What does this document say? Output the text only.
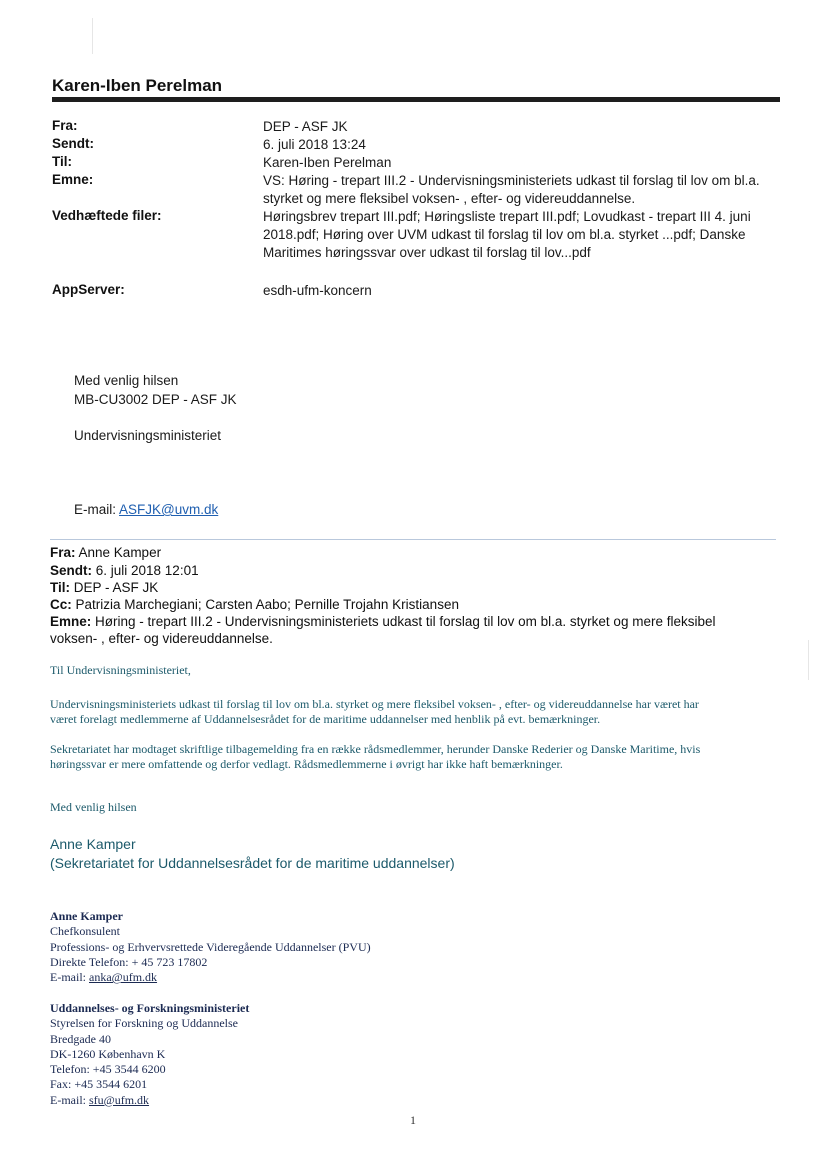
Karen-Iben Perelman
Fra:	DEP - ASF JK
Sendt:	6. juli 2018 13:24
Til:	Karen-Iben Perelman
Emne:	VS: Høring - trepart III.2 - Undervisningsministeriets udkast til forslag til lov om bl.a.
styrket og mere fleksibel voksen- , efter- og videreuddannelse.
Vedhæftede filer:	Høringsbrev trepart III.pdf; Høringsliste trepart III.pdf; Lovudkast - trepart III 4. juni
2018.pdf; Høring over UVM udkast til forslag til lov om bl.a. styrket ...pdf; Danske
Maritimes høringssvar over udkast til forslag til lov...pdf
AppServer:	esdh-ufm-koncern
Med venlig hilsen
MB-CU3002 DEP - ASF JK
Undervisningsministeriet
E-mail: ASFJK@uvm.dk
Fra: Anne Kamper
Sendt: 6. juli 2018 12:01
Til: DEP - ASF JK
Cc: Patrizia Marchegiani; Carsten Aabo; Pernille Trojahn Kristiansen
Emne: Høring - trepart III.2 - Undervisningsministeriets udkast til forslag til lov om bl.a. styrket og mere fleksibel
voksen- , efter- og videreuddannelse.
Til Undervisningsministeriet,
Undervisningsministeriets udkast til forslag til lov om bl.a. styrket og mere fleksibel voksen- , efter- og videreuddannelse har været har
været forelagt medlemmerne af Uddannelsesrådet for de maritime uddannelser med henblik på evt. bemærkninger.
Sekretariatet har modtaget skriftlige tilbagemelding fra en række rådsmedlemmer, herunder Danske Rederier og Danske Maritime, hvis
høringssvar er mere omfattende og derfor vedlagt. Rådsmedlemmerne i øvrigt har ikke haft bemærkninger.
Med venlig hilsen
Anne Kamper
(Sekretariatet for Uddannelsesrådet for de maritime uddannelser)
Anne Kamper
Chefkonsulent
Professions- og Erhvervsrettede Videregående Uddannelser (PVU)
Direkte Telefon: + 45 723 17802
E-mail: anka@ufm.dk
Uddannelses- og Forskningsministeriet
Styrelsen for Forskning og Uddannelse
Bredgade 40
DK-1260 København K
Telefon: +45 3544 6200
Fax: +45 3544 6201
E-mail: sfu@ufm.dk
1
